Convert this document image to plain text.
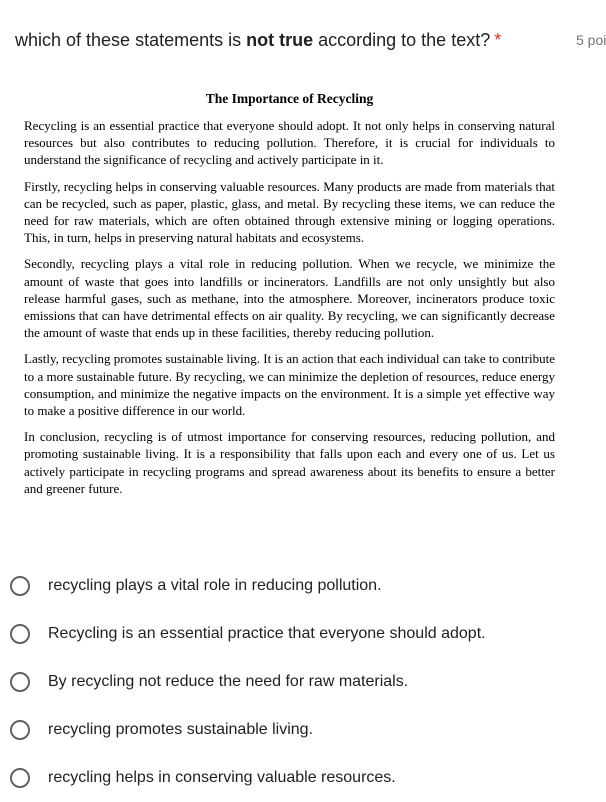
which of these statements is not true according to the text? *	5 poi
The Importance of Recycling

Recycling is an essential practice that everyone should adopt. It not only helps in conserving natural resources but also contributes to reducing pollution. Therefore, it is crucial for individuals to understand the significance of recycling and actively participate in it.

Firstly, recycling helps in conserving valuable resources. Many products are made from materials that can be recycled, such as paper, plastic, glass, and metal. By recycling these items, we can reduce the need for raw materials, which are often obtained through extensive mining or logging operations. This, in turn, helps in preserving natural habitats and ecosystems.

Secondly, recycling plays a vital role in reducing pollution. When we recycle, we minimize the amount of waste that goes into landfills or incinerators. Landfills are not only unsightly but also release harmful gases, such as methane, into the atmosphere. Moreover, incinerators produce toxic emissions that can have detrimental effects on air quality. By recycling, we can significantly decrease the amount of waste that ends up in these facilities, thereby reducing pollution.

Lastly, recycling promotes sustainable living. It is an action that each individual can take to contribute to a more sustainable future. By recycling, we can minimize the depletion of resources, reduce energy consumption, and minimize the negative impacts on the environment. It is a simple yet effective way to make a positive difference in our world.

In conclusion, recycling is of utmost importance for conserving resources, reducing pollution, and promoting sustainable living. It is a responsibility that falls upon each and every one of us. Let us actively participate in recycling programs and spread awareness about its benefits to ensure a better and greener future.

recycling plays a vital role in reducing pollution.
Recycling is an essential practice that everyone should adopt.
By recycling not reduce the need for raw materials.
recycling promotes sustainable living.
recycling helps in conserving valuable resources.
